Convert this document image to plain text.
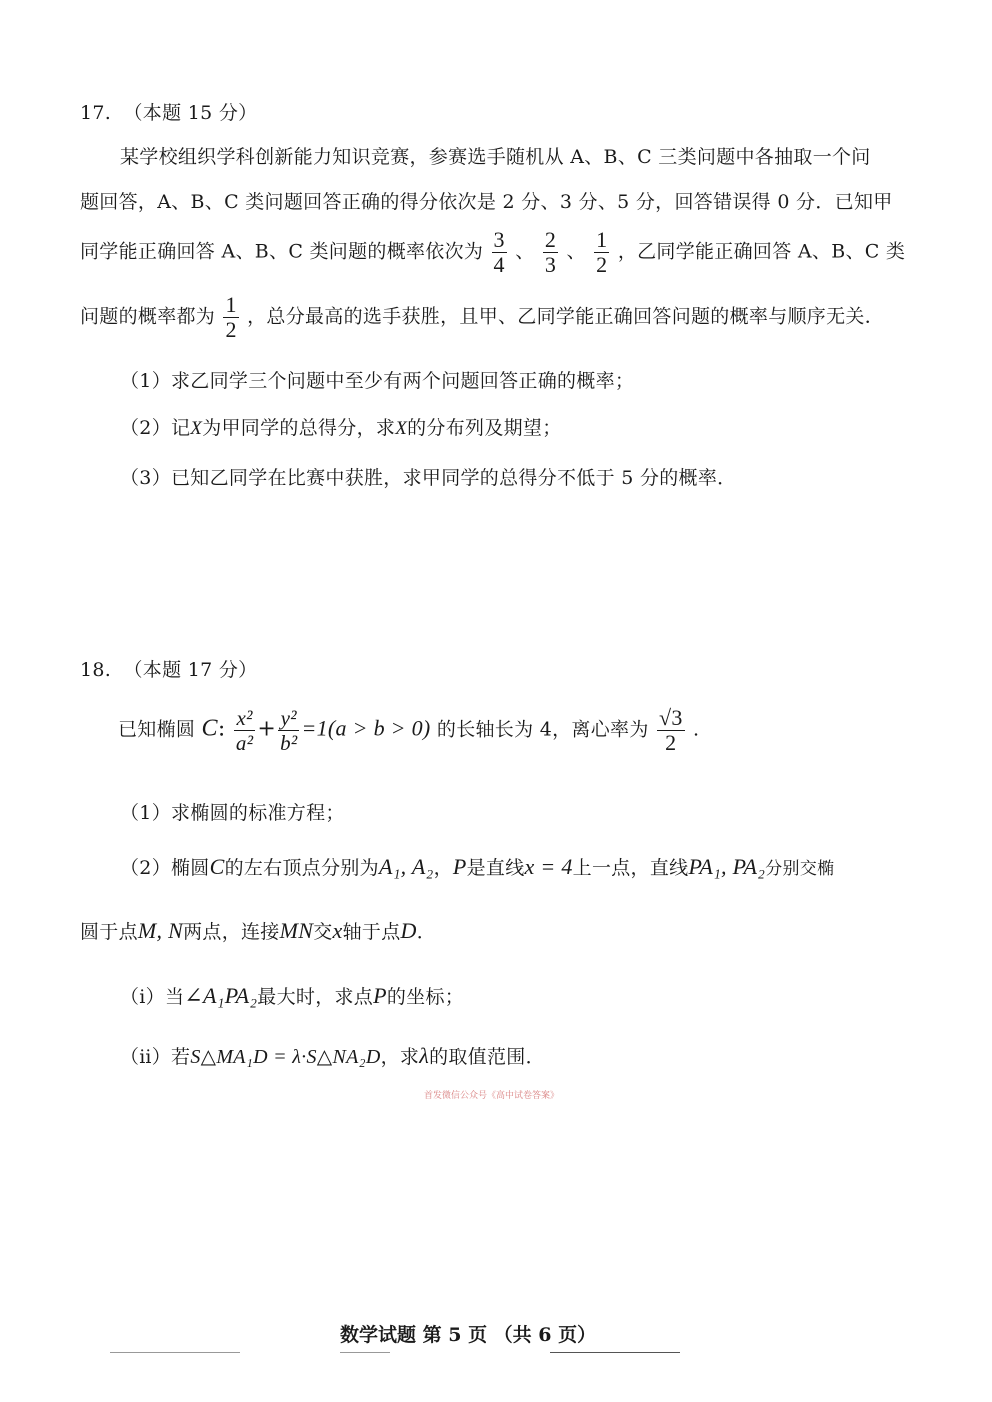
17. （本题 15 分）
某学校组织学科创新能力知识竞赛，参赛选手随机从 A、B、C 三类问题中各抽取一个问
题回答，A、B、C 类问题回答正确的得分依次是 2 分、3 分、5 分，回答错误得 0 分．已知甲
同学能正确回答 A、B、C 类问题的概率依次为 $\frac{3}{4}$ 、 $\frac{2}{3}$ 、 $\frac{1}{2}$ ，乙同学能正确回答 A、B、C 类
问题的概率都为 $\frac{1}{2}$ ，总分最高的选手获胜，且甲、乙同学能正确回答问题的概率与顺序无关．
（1）求乙同学三个问题中至少有两个问题回答正确的概率；
（2）记X为甲同学的总得分，求X的分布列及期望；
（3）已知乙同学在比赛中获胜，求甲同学的总得分不低于 5 分的概率．
18. （本题 17 分）
已知椭圆 C: $\frac{\text{x²}}{\text{a²}} + \frac{\text{y²}}{\text{b²}} =1(a > b > 0)$ 的长轴长为 4，离心率为 $\frac{√3}{2}$ .
（1）求椭圆的标准方程；
（2）椭圆C的左右顶点分别为A₁, A₂，P是直线x = 4上一点，直线PA₁, PA₂分别交椭
圆于点M, N两点，连接MN交x轴于点D．
（ⅰ）当∠A₁PA₂最大时，求点P的坐标；
（ⅱ）若S△MA₁D = λ·S△NA₂D，求λ的取值范围．
首发微信公众号《高中试卷答案》
数学试题 第 5 页 （共 6 页）
